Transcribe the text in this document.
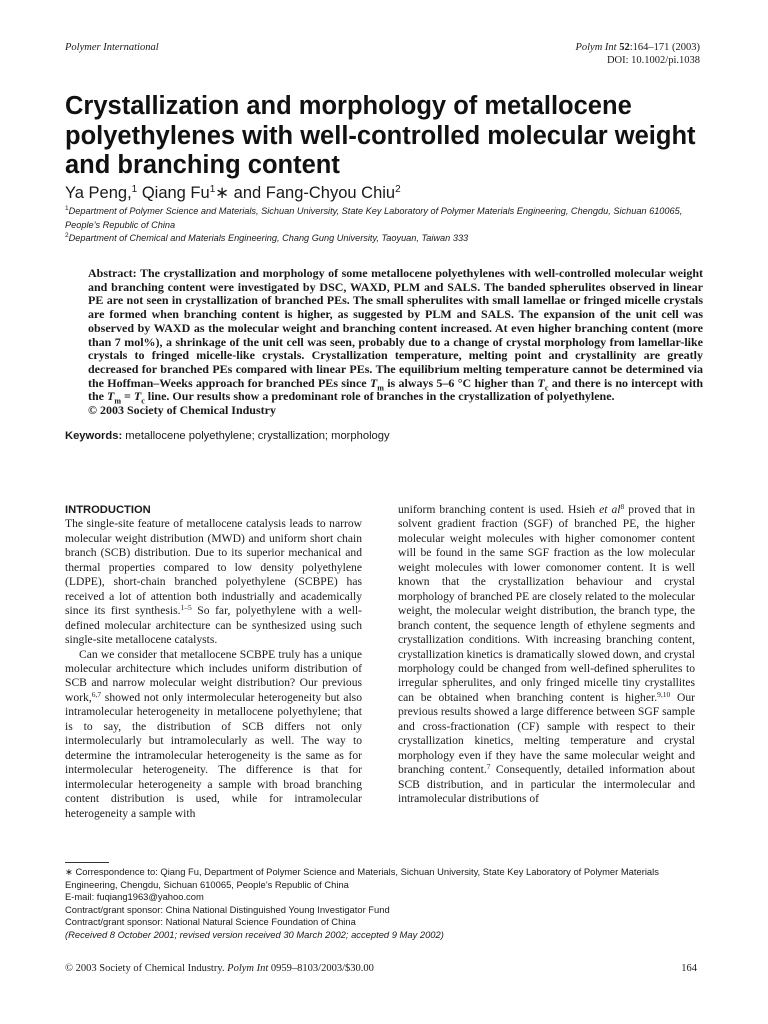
Polymer International	Polym Int 52:164–171 (2003)
DOI: 10.1002/pi.1038
Crystallization and morphology of metallocene polyethylenes with well-controlled molecular weight and branching content
Ya Peng,$^1$ Qiang Fu$^1$∗ and Fang-Chyou Chiu$^2$
$^1$Department of Polymer Science and Materials, Sichuan University, State Key Laboratory of Polymer Materials Engineering, Chengdu, Sichuan 610065, People’s Republic of China
$^2$Department of Chemical and Materials Engineering, Chang Gung University, Taoyuan, Taiwan 333

Abstract: The crystallization and morphology of some metallocene polyethylenes with well-controlled molecular weight and branching content were investigated by DSC, WAXD, PLM and SALS. The banded spherulites observed in linear PE are not seen in crystallization of branched PEs. The small spherulites with small lamellae or fringed micelle crystals are formed when branching content is higher, as suggested by PLM and SALS. The expansion of the unit cell was observed by WAXD as the molecular weight and branching content increased. At even higher branching content (more than 7 mol%), a shrinkage of the unit cell was seen, probably due to a change of crystal morphology from lamellar-like crystals to fringed micelle-like crystals. Crystallization temperature, melting point and crystallinity are greatly decreased for branched PEs compared with linear PEs. The equilibrium melting temperature cannot be determined via the Hoffman–Weeks approach for branched PEs since $T_m$ is always 5–6 °C higher than $T_c$ and there is no intercept with the $T_m = T_c$ line. Our results show a predominant role of branches in the crystallization of polyethylene.
© 2003 Society of Chemical Industry

Keywords: metallocene polyethylene; crystallization; morphology
INTRODUCTION

The single-site feature of metallocene catalysis leads to narrow molecular weight distribution (MWD) and uniform short chain branch (SCB) distribution. Due to its superior mechanical and thermal properties compared to low density polyethylene (LDPE), short-chain branched polyethylene (SCBPE) has received a lot of attention both industrially and academically since its first synthesis.$^{1-5}$ So far, polyethylene with a well-defined molecular architecture can be synthesized using such single-site metallocene catalysts.

Can we consider that metallocene SCBPE truly has a unique molecular architecture which includes uniform distribution of SCB and narrow molecular weight distribution? Our previous work,$^{6,7}$ showed not only intermolecular heterogeneity but also intramolecular heterogeneity in metallocene polyethylene; that is to say, the distribution of SCB differs not only intermolecularly but intramolecularly as well. The way to determine the intramolecular heterogeneity is the same as for intermolecular heterogeneity. The difference is that for intermolecular heterogeneity a sample with broad branching content distribution is used, while for intramolecular heterogeneity a sample with

uniform branching content is used. Hsieh et $al^8$ proved that in solvent gradient fraction (SGF) of branched PE, the higher molecular weight molecules with higher comonomer content will be found in the same SGF fraction as the low molecular weight molecules with lower comonomer content. It is well known that the crystallization behaviour and crystal morphology of branched PE are closely related to the molecular weight, the molecular weight distribution, the branch type, the branch content, the sequence length of ethylene segments and crystallization conditions. With increasing branching content, crystallization kinetics is dramatically slowed down, and crystal morphology could be changed from well-defined spherulites to irregular spherulites, and only fringed micelle tiny crystallites can be obtained when branching content is higher.$^{9,10}$ Our previous results showed a large difference between SGF sample and cross-fractionation (CF) sample with respect to their crystallization kinetics, melting temperature and crystal morphology even if they have the same molecular weight and branching content.$^7$ Consequently, detailed information about SCB distribution, and in particular the intermolecular and intramolecular distributions of

∗ Correspondence to: Qiang Fu, Department of Polymer Science and Materials, Sichuan University, State Key Laboratory of Polymer Materials Engineering, Chengdu, Sichuan 610065, People’s Republic of China
E-mail: fuqiang1963@yahoo.com
Contract/grant sponsor: China National Distinguished Young Investigator Fund
Contract/grant sponsor: National Natural Science Foundation of China
(Received 8 October 2001; revised version received 30 March 2002; accepted 9 May 2002)
© 2003 Society of Chemical Industry. Polym Int 0959–8103/2003/$30.00	164
